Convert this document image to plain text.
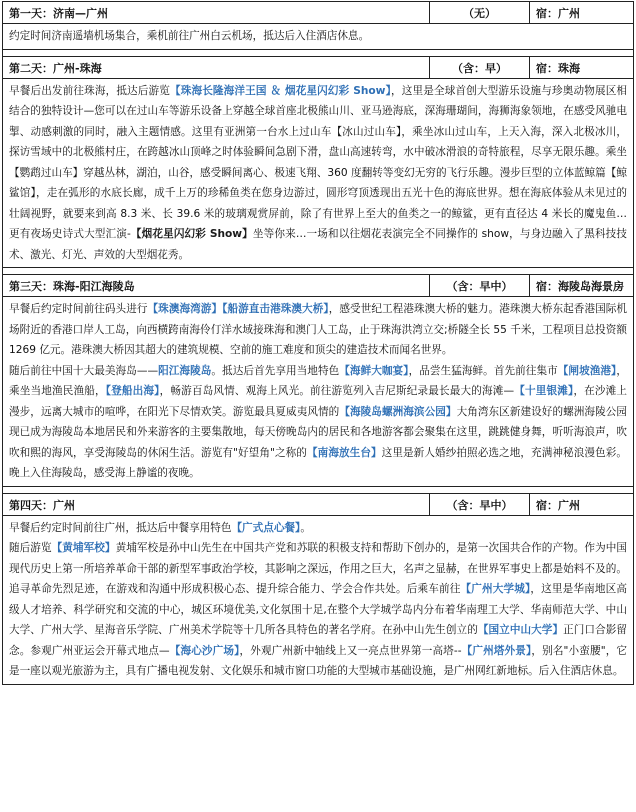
第一天：济南—广州	（无）	宿：广州

约定时间济南遥墙机场集合，乘机前往广州白云机场，抵达后入住酒店休息。		

第二天：广州-珠海	（含：早）	宿：珠海

早餐后出发前往珠海，抵达后游览【珠海长隆海洋王国 ＆ 烟花星闪幻彩 Show】，这里是全球首创大型游乐设施与珍奥动物展区相结合的独特设计—您可以在过山车等游乐设备上穿越全球首座北极熊山川、亚马逊海底，深海珊瑚间，海狮海象领地，在感受风驰电掣、动感刺激的同时，融入主题情感。这里有亚洲第一台水上过山车【冰山过山车】，乘坐冰山过山车，上天入海，深入北极冰川，探访雪域中的北极熊村庄，在跨越冰山顶峰之时体验瞬间急剧下滑，盘山高速转弯，水中破冰滑浪的奇特旅程，尽享无限乐趣。乘坐【鹦鹉过山车】穿越丛林，湖泊，山谷，感受瞬间离心、极速飞翔、360 度翻转等变幻无穷的飞行乐趣。漫步巨型的立体蓝鲸篇【鲸鲨馆】，走在弧形的水底长廊，成千上万的珍稀鱼类在您身边游过，圆形穹顶透现出五光十色的海底世界。想在海底体验从未见过的壮阔视野，就要来到高 8.3 米、长 39.6 米的玻璃观赏屏前，除了有世界上至大的鱼类之一的鲸鲨，更有直径达 4 米长的魔鬼鱼…更有夜场史诗式大型汇演-【烟花星闪幻彩 Show】坐等你来…一场和以往烟花表演完全不同操作的 show，与身边融入了黑科技技术、激光、灯光、声效的大型烟花秀。		

第三天：珠海-阳江海陵岛	（含：早中）	宿：海陵岛海景房

早餐后约定时间前往码头进行【珠澳海湾游】【船游直击港珠澳大桥】，感受世纪工程港珠澳大桥的魅力。港珠澳大桥东起香港国际机场附近的香港口岸人工岛，向西横跨南海伶仃洋水域接珠海和澳门人工岛，止于珠海洪湾立交;桥隧全长 55 千米，工程项目总投资额 1269 亿元。港珠澳大桥因其超大的建筑规模、空前的施工难度和顶尖的建造技术而闻名世界。
随后前往中国十大最美海岛——阳江海陵岛。抵达后首先享用当地特色【海鲜大咖宴】，品尝生猛海鲜。首先前往集市【闸坡渔港】，乘坐当地渔民渔船，【登船出海】，畅游百岛风情、观海上风光。前往游览列入吉尼斯纪录最长最大的海滩—【十里银滩】，在沙滩上漫步，远离大城市的喧哗，在阳光下尽情欢笑。游览最具夏威夷风情的【海陵岛螺洲海滨公园】大角湾东区新建设好的螺洲海陵公园现已成为海陵岛本地居民和外来游客的主要集散地，每天傍晚岛内的居民和各地游客都会聚集在这里，跳跳健身舞，听听海浪声，吹吹和熙的海风，享受海陵岛的休闲生活。游览有"好望角"之称的【南海放生台】这里是新人婚纱拍照必选之地，充满神秘浪漫色彩。晚上入住海陵岛，感受海上静谧的夜晚。		

第四天：广州	（含：早中）	宿：广州

早餐后约定时间前往广州，抵达后中餐享用特色【广式点心餐】。
随后游览【黄埔军校】黄埔军校是孙中山先生在中国共产党和苏联的积极支持和帮助下创办的，是第一次国共合作的产物。作为中国现代历史上第一所培养革命干部的新型军事政治学校，其影响之深远，作用之巨大，名声之显赫，在世界军事史上都是始料不及的。追寻革命先烈足迹，在游戏和沟通中形成积极心态、提升综合能力、学会合作共处。后乘车前往【广州大学城】，这里是华南地区高级人才培养、科学研究和交流的中心，城区环境优美,文化氛围十足,在整个大学城学岛内分布着华南理工大学、华南师范大学、中山大学、广州大学、星海音乐学院、广州美术学院等十几所各具特色的著名学府。在孙中山先生创立的【国立中山大学】正门口合影留念。参观广州亚运会开幕式地点—【海心沙广场】，外观广州新中轴线上又一亮点世界第一高塔--【广州塔外景】，别名"小蛮腰"，它是一座以观光旅游为主，具有广播电视发射、文化娱乐和城市窗口功能的大型城市基础设施，是广州网红新地标。后入住酒店休息。		
